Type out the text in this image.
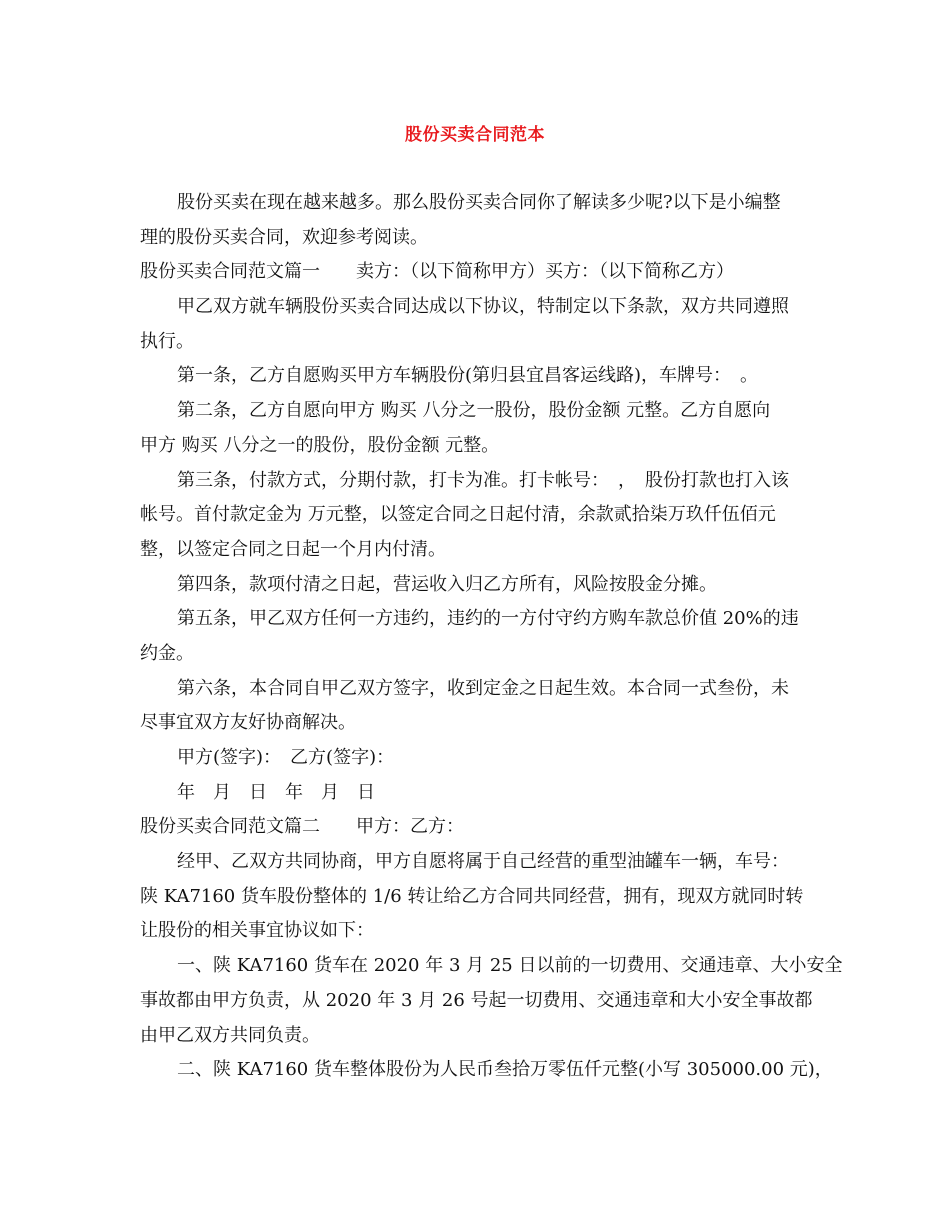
股份买卖合同范本
股份买卖在现在越来越多。那么股份买卖合同你了解读多少呢?以下是小编整
理的股份买卖合同，欢迎参考阅读。
股份买卖合同范文篇一 卖方：（以下简称甲方）买方：（以下简称乙方）
甲乙双方就车辆股份买卖合同达成以下协议，特制定以下条款，双方共同遵照
执行。
第一条，乙方自愿购买甲方车辆股份(第归县宜昌客运线路)，车牌号：　。
第二条，乙方自愿向甲方 购买 八分之一股份，股份金额 元整。乙方自愿向
甲方 购买 八分之一的股份，股份金额 元整。
第三条，付款方式，分期付款，打卡为准。打卡帐号：　，　股份打款也打入该
帐号。首付款定金为 万元整，以签定合同之日起付清，余款贰拾柒万玖仟伍佰元
整，以签定合同之日起一个月内付清。
第四条，款项付清之日起，营运收入归乙方所有，风险按股金分摊。
第五条，甲乙双方任何一方违约，违约的一方付守约方购车款总价值 20%的违
约金。
第六条，本合同自甲乙双方签字，收到定金之日起生效。本合同一式叁份，未
尽事宜双方友好协商解决。
甲方(签字)：　乙方(签字)：
年　月　日　年　月　日
股份买卖合同范文篇二 甲方：乙方：
经甲、乙双方共同协商，甲方自愿将属于自己经营的重型油罐车一辆，车号：
陕 KA7160 货车股份整体的 1/6 转让给乙方合同共同经营，拥有，现双方就同时转
让股份的相关事宜协议如下：
一、陕 KA7160 货车在 2020 年 3 月 25 日以前的一切费用、交通违章、大小安全
事故都由甲方负责，从 2020 年 3 月 26 号起一切费用、交通违章和大小安全事故都
由甲乙双方共同负责。
二、陕 KA7160 货车整体股份为人民币叁拾万零伍仟元整(小写 305000.00 元)，
